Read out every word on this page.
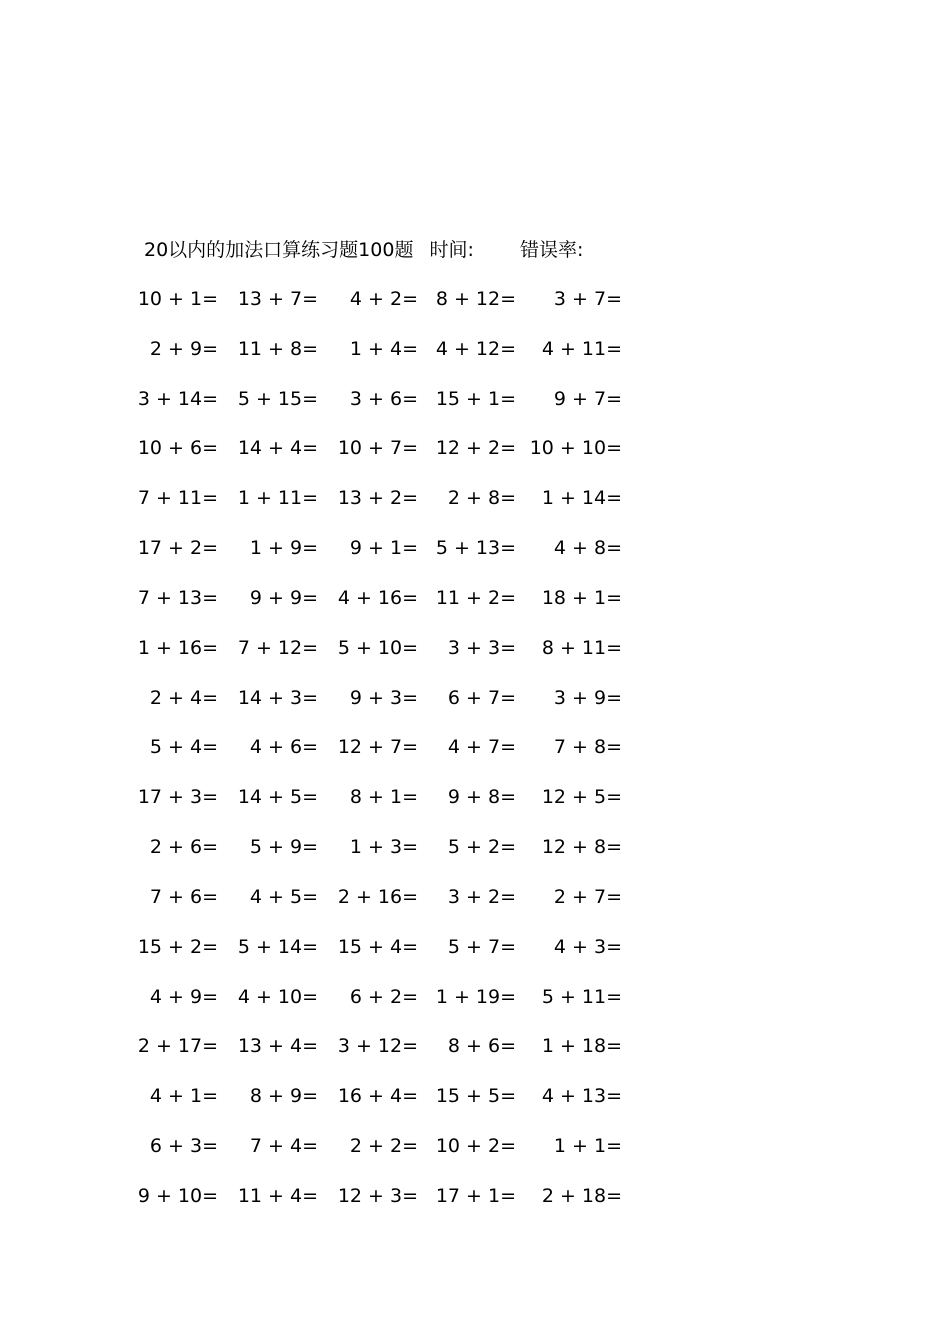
20以内的加法口算练习题100题 时间: 错误率:
10 + 1= 13 + 7= 4 + 2= 8 + 12= 3 + 7=
2 + 9= 11 + 8= 1 + 4= 4 + 12= 4 + 11=
3 + 14= 5 + 15= 3 + 6= 15 + 1= 9 + 7=
10 + 6= 14 + 4= 10 + 7= 12 + 2= 10 + 10=
7 + 11= 1 + 11= 13 + 2= 2 + 8= 1 + 14=
17 + 2= 1 + 9= 9 + 1= 5 + 13= 4 + 8=
7 + 13= 9 + 9= 4 + 16= 11 + 2= 18 + 1=
1 + 16= 7 + 12= 5 + 10= 3 + 3= 8 + 11=
2 + 4= 14 + 3= 9 + 3= 6 + 7= 3 + 9=
5 + 4= 4 + 6= 12 + 7= 4 + 7= 7 + 8=
17 + 3= 14 + 5= 8 + 1= 9 + 8= 12 + 5=
2 + 6= 5 + 9= 1 + 3= 5 + 2= 12 + 8=
7 + 6= 4 + 5= 2 + 16= 3 + 2= 2 + 7=
15 + 2= 5 + 14= 15 + 4= 5 + 7= 4 + 3=
4 + 9= 4 + 10= 6 + 2= 1 + 19= 5 + 11=
2 + 17= 13 + 4= 3 + 12= 8 + 6= 1 + 18=
4 + 1= 8 + 9= 16 + 4= 15 + 5= 4 + 13=
6 + 3= 7 + 4= 2 + 2= 10 + 2= 1 + 1=
9 + 10= 11 + 4= 12 + 3= 17 + 1= 2 + 18=
